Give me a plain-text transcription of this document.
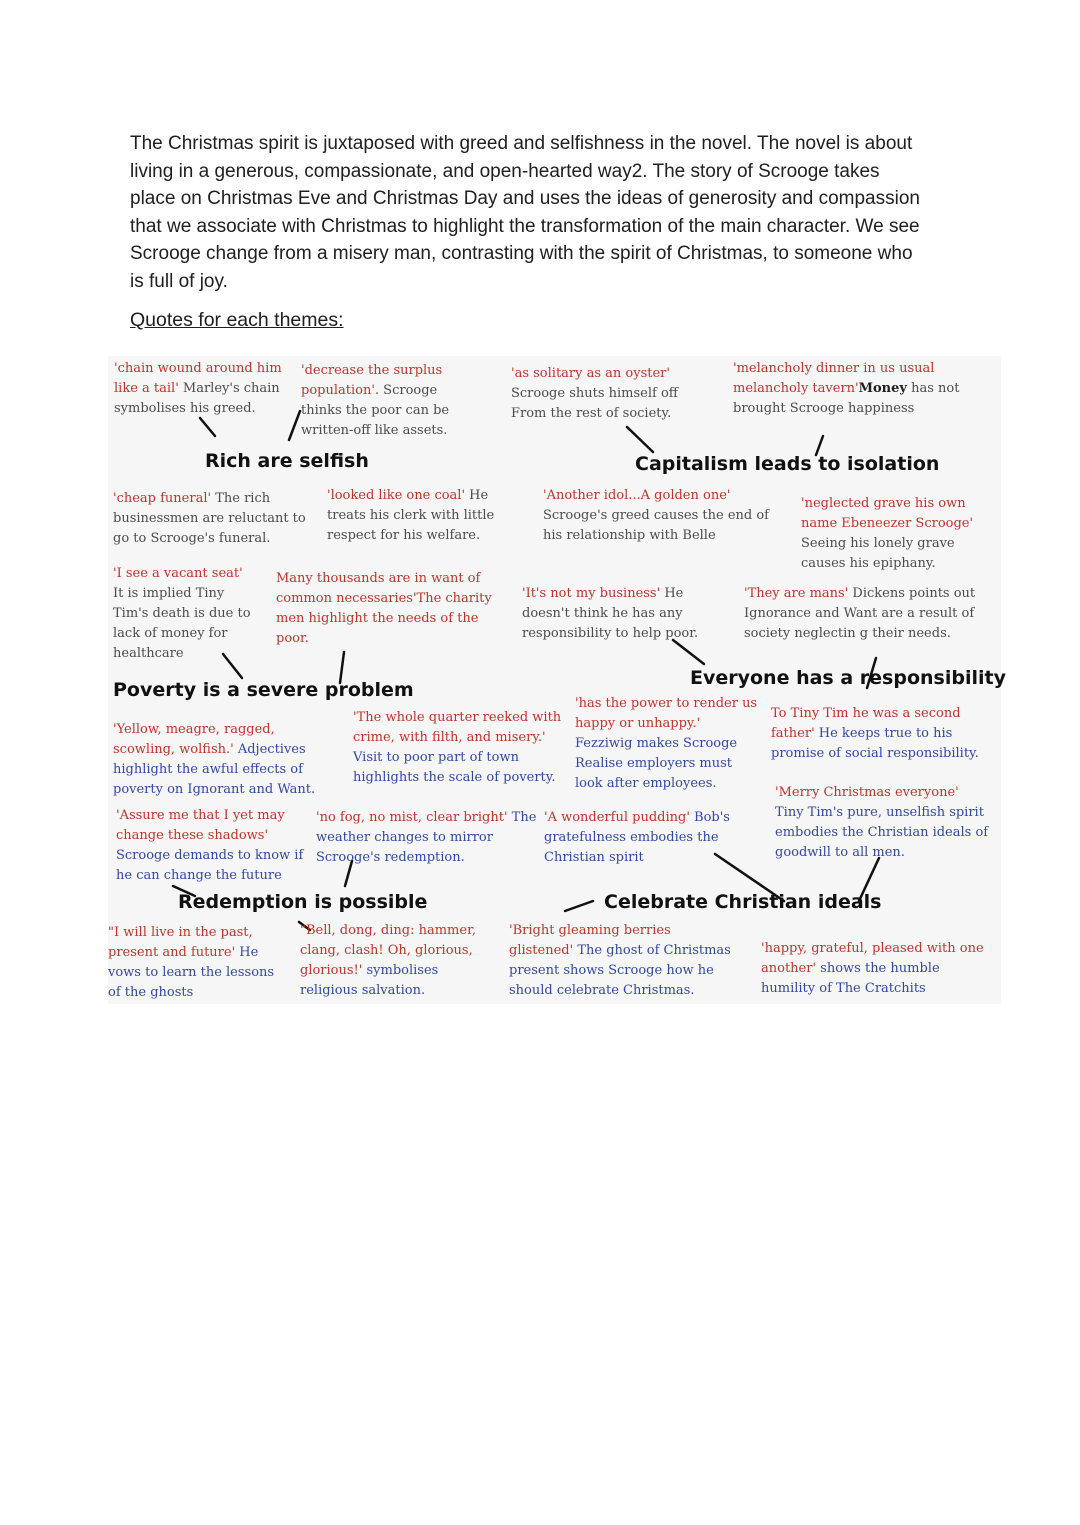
The Christmas spirit is juxtaposed with greed and selfishness in the novel. The novel is about living in a generous, compassionate, and open-hearted way2. The story of Scrooge takes place on Christmas Eve and Christmas Day and uses the ideas of generosity and compassion that we associate with Christmas to highlight the transformation of the main character. We see Scrooge change from a misery man, contrasting with the spirit of Christmas, to someone who is full of joy.

Quotes for each themes:

'chain wound around him like a tail' Marley's chain symbolises his greed.

'decrease the surplus population'. Scrooge thinks the poor can be written-off like assets.

'as solitary as an oyster' Scrooge shuts himself off From the rest of society.

'melancholy dinner in us usual melancholy tavern'Money has not brought Scrooge happiness

Rich are selfish	Capitalism leads to isolation

'cheap funeral' The rich businessmen are reluctant to go to Scrooge's funeral.

'looked like one coal' He treats his clerk with little respect for his welfare.

'Another idol...A golden one' Scrooge's greed causes the end of his relationship with Belle

'neglected grave his own name Ebeneezer Scrooge' Seeing his lonely grave causes his epiphany.

'I see a vacant seat' It is implied Tiny Tim's death is due to lack of money for healthcare

Many thousands are in want of common necessaries'The charity men highlight the needs of the poor.

'It's not my business' He doesn't think he has any responsibility to help poor.

'They are mans' Dickens points out Ignorance and Want are a result of society neglectin g their needs.

Poverty is a severe problem

Everyone has a responsibility

'Yellow, meagre, ragged, scowling, wolfish.' Adjectives highlight the awful effects of poverty on Ignorant and Want.

'The whole quarter reeked with crime, with filth, and misery.' Visit to poor part of town highlights the scale of poverty.

'has the power to render us happy or unhappy.' Fezziwig makes Scrooge Realise employers must look after employees.

To Tiny Tim he was a second father' He keeps true to his promise of social responsibility.

'Assure me that I yet may change these shadows' Scrooge demands to know if he can change the future

'no fog, no mist, clear bright' The weather changes to mirror Scrooge's redemption.

'A wonderful pudding' Bob's gratefulness embodies the Christian spirit

'Merry Christmas everyone' Tiny Tim's pure, unselfish spirit embodies the Christian ideals of goodwill to all men.

Redemption is possible	Celebrate Christian ideals

"I will live in the past, present and future' He vows to learn the lessons of the ghosts

"Bell, dong, ding: hammer, clang, clash! Oh, glorious, glorious!' symbolises religious salvation.

'Bright gleaming berries glistened' The ghost of Christmas present shows Scrooge how he should celebrate Christmas.

'happy, grateful, pleased with one another' shows the humble humility of The Cratchits
